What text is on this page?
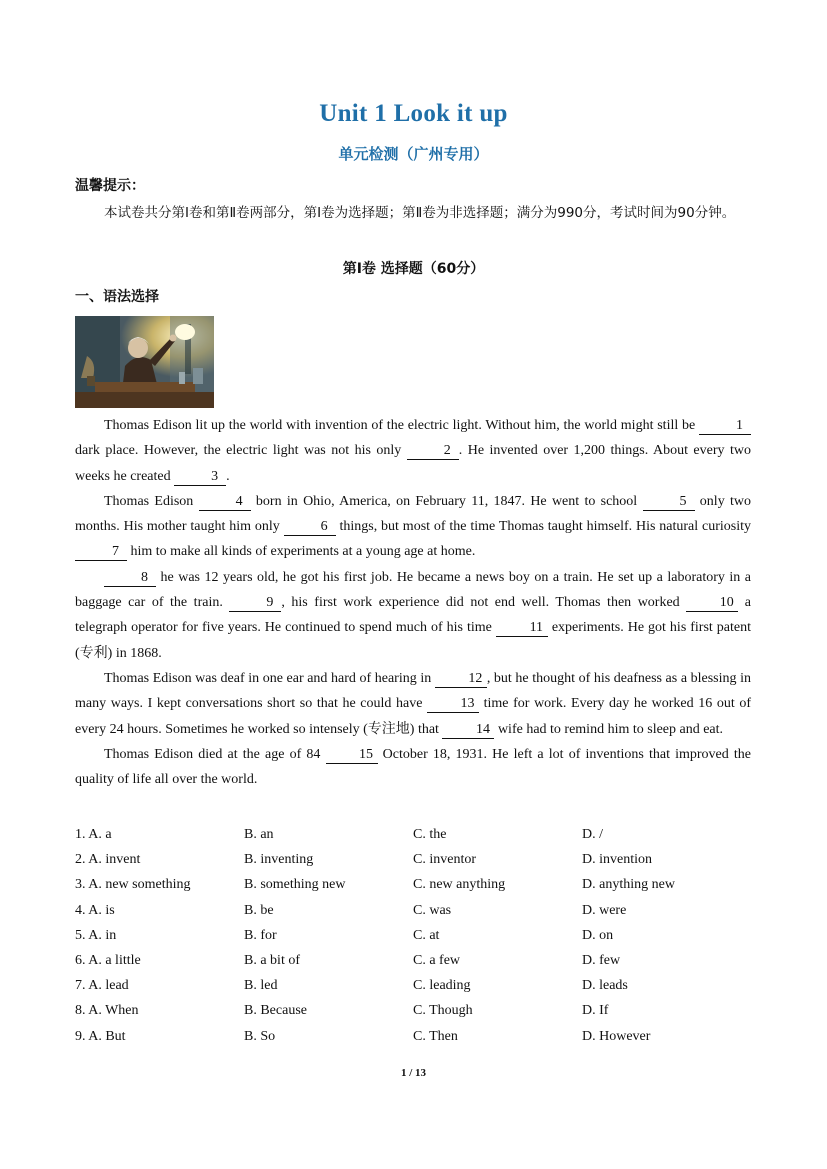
Unit 1 Look it up
单元检测（广州专用）
温馨提示：
本试卷共分第Ⅰ卷和第Ⅱ卷两部分，第Ⅰ卷为选择题；第Ⅱ卷为非选择题；满分为990分，考试时间为90分钟。
第Ⅰ卷 选择题（60分）
一、语法选择

Thomas Edison lit up the world with invention of the electric light. Without him, the world might still be	1 dark place. However, the electric light was not his only	2 . He invented over 1,200 things. About every two weeks he created	3 .

Thomas Edison	4 born in Ohio, America, on February 11, 1847. He went to school	5 only two months. His mother taught him only	6 things, but most of the time Thomas taught himself. His natural curiosity 7 him to make all kinds of experiments at a young age at home.

8 he was 12 years old, he got his first job. He became a news boy on a train. He set up a laboratory in a baggage car of the train.	9 , his first work experience did not end well. Thomas then worked 10 a telegraph operator for five years. He continued to spend much of his time 11 experiments. He got his first patent (专利) in 1868.

Thomas Edison was deaf in one ear and hard of hearing in 12 , but he thought of his deafness as a blessing in many ways. I kept conversations short so that he could have 13 time for work. Every day he worked 16 out of every 24 hours. Sometimes he worked so intensely (专注地) that 14 wife had to remind him to sleep and eat.

Thomas Edison died at the age of 84 15 October 18, 1931. He left a lot of inventions that improved the quality of life all over the world.

1. A. a	B. an	C. the	D. /
2. A. invent	B. inventing	C. inventor	D. invention
3. A. new something	B. something new	C. new anything	D. anything new
4. A. is	B. be	C. was	D. were
5. A. in	B. for	C. at	D. on
6. A. a little	B. a bit of	C. a few	D. few
7. A. lead	B. led	C. leading	D. leads
8. A. When	B. Because	C. Though	D. If
9. A. But	B. So	C. Then	D. However
1 / 13
